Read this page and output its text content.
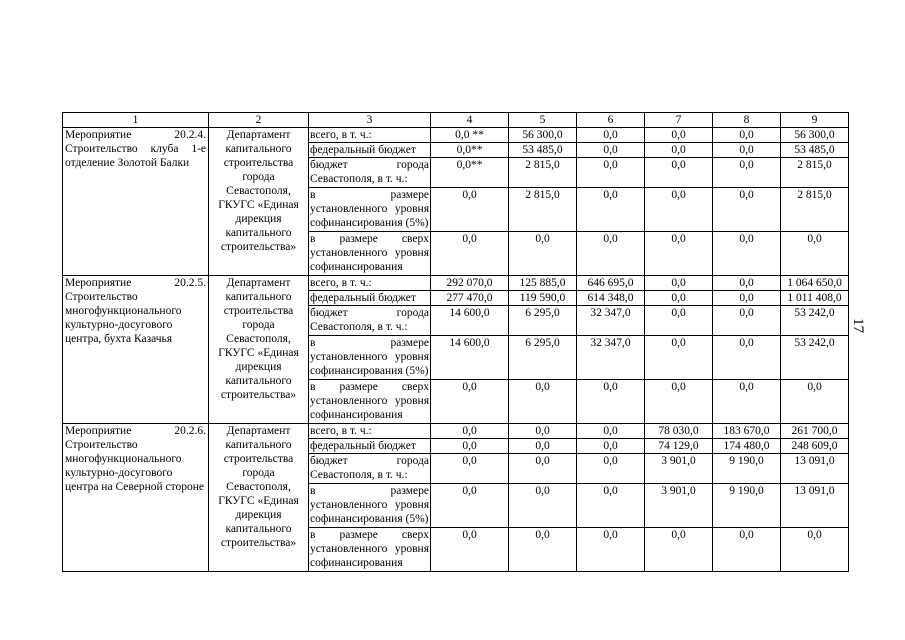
1	2	3	4	5	6	7	8	9
Мероприятие 20.2.4. Строительство клуба 1-е отделение Золотой Балки	Департамент капитального строительства города Севастополя, ГКУГС «Единая дирекция капитального строительства»	всего, в т. ч.:	0,0 **	56 300,0	0,0	0,0	0,0	56 300,0
		федеральный бюджет	0,0**	53 485,0	0,0	0,0	0,0	53 485,0
		бюджет города Севастополя, в т. ч.:	0,0**	2 815,0	0,0	0,0	0,0	2 815,0
		в размере установленного уровня софинансирования (5%)	0,0	2 815,0	0,0	0,0	0,0	2 815,0
		в размере сверх установленного уровня софинансирования	0,0	0,0	0,0	0,0	0,0	0,0
Мероприятие 20.2.5. Строительство многофункционального культурно-досугового центра, бухта Казачья	Департамент капитального строительства города Севастополя, ГКУГС «Единая дирекция капитального строительства»	всего, в т. ч.:	292 070,0	125 885,0	646 695,0	0,0	0,0	1 064 650,0
		федеральный бюджет	277 470,0	119 590,0	614 348,0	0,0	0,0	1 011 408,0
		бюджет города Севастополя, в т. ч.:	14 600,0	6 295,0	32 347,0	0,0	0,0	53 242,0
		в размере установленного уровня софинансирования (5%)	14 600,0	6 295,0	32 347,0	0,0	0,0	53 242,0
		в размере сверх установленного уровня софинансирования	0,0	0,0	0,0	0,0	0,0	0,0
Мероприятие 20.2.6. Строительство многофункционального культурно-досугового центра на Северной стороне	Департамент капитального строительства города Севастополя, ГКУГС «Единая дирекция капитального строительства»	всего, в т. ч.:	0,0	0,0	0,0	78 030,0	183 670,0	261 700,0
		федеральный бюджет	0,0	0,0	0,0	74 129,0	174 480,0	248 609,0
		бюджет города Севастополя, в т. ч.:	0,0	0,0	0,0	3 901,0	9 190,0	13 091,0
		в размере установленного уровня софинансирования (5%)	0,0	0,0	0,0	3 901,0	9 190,0	13 091,0
		в размере сверх установленного уровня софинансирования	0,0	0,0	0,0	0,0	0,0	0,0
17
